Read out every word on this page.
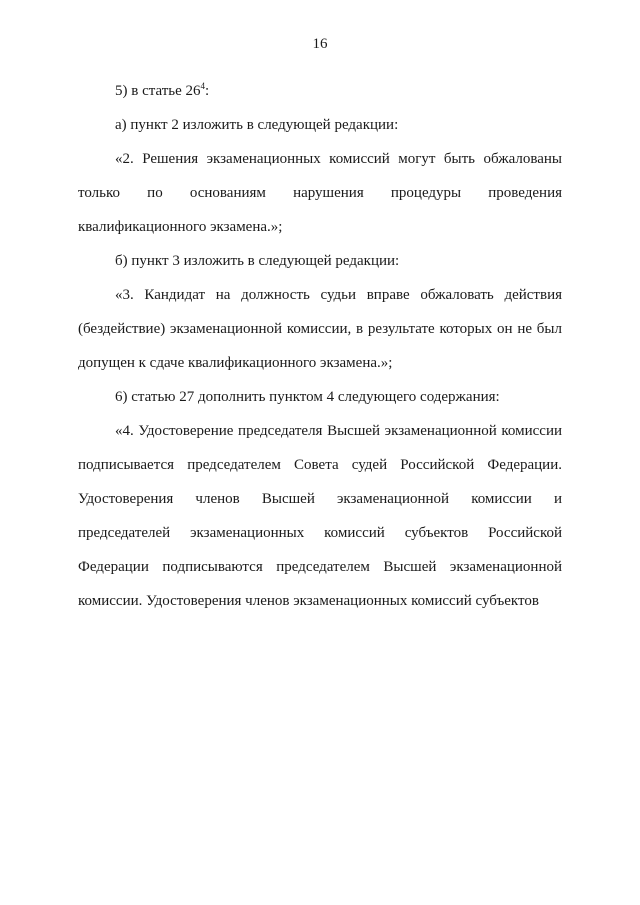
16

5) в статье $26^4$:

а) пункт 2 изложить в следующей редакции:

«2. Решения экзаменационных комиссий могут быть обжалованы только по основаниям нарушения процедуры проведения квалификационного экзамена.»;

б) пункт 3 изложить в следующей редакции:

«3. Кандидат на должность судьи вправе обжаловать действия (бездействие) экзаменационной комиссии, в результате которых он не был допущен к сдаче квалификационного экзамена.»;

6) статью 27 дополнить пунктом 4 следующего содержания:

«4. Удостоверение председателя Высшей экзаменационной комиссии подписывается председателем Совета судей Российской Федерации. Удостоверения членов Высшей экзаменационной комиссии и председателей экзаменационных комиссий субъектов Российской Федерации подписываются председателем Высшей экзаменационной комиссии. Удостоверения членов экзаменационных комиссий субъектов
